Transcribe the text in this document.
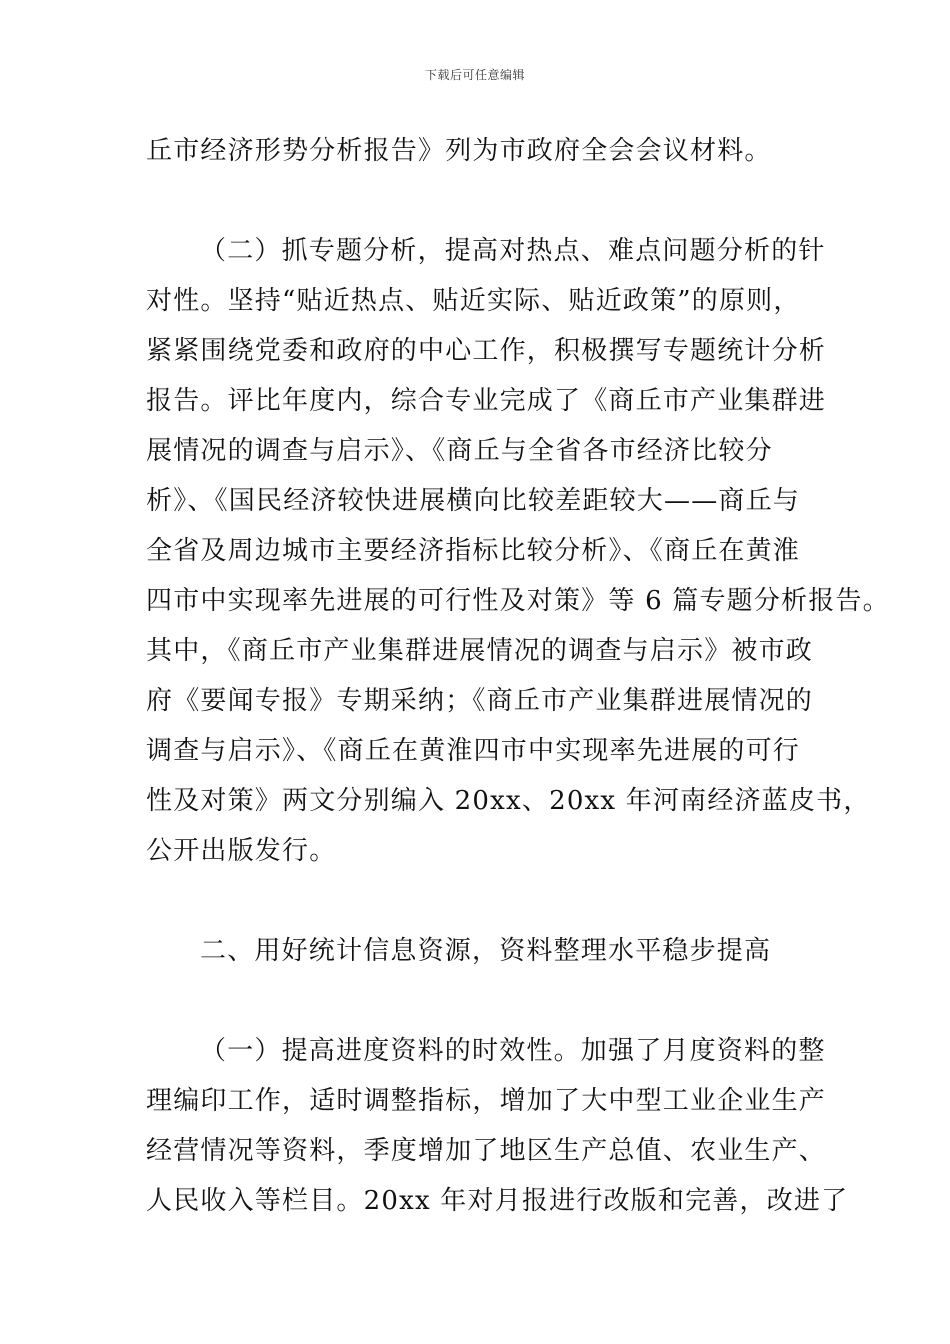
下载后可任意编辑
丘市经济形势分析报告》列为市政府全会会议材料。
（二）抓专题分析，提高对热点、难点问题分析的针
对性。坚持“贴近热点、贴近实际、贴近政策”的原则，
紧紧围绕党委和政府的中心工作，积极撰写专题统计分析
报告。评比年度内，综合专业完成了《商丘市产业集群进
展情况的调查与启示》、《商丘与全省各市经济比较分
析》、《国民经济较快进展横向比较差距较大——商丘与
全省及周边城市主要经济指标比较分析》、《商丘在黄淮
四市中实现率先进展的可行性及对策》等 6 篇专题分析报告。
其中，《商丘市产业集群进展情况的调查与启示》被市政
府《要闻专报》专期采纳；《商丘市产业集群进展情况的
调查与启示》、《商丘在黄淮四市中实现率先进展的可行
性及对策》两文分别编入 20xx、20xx 年河南经济蓝皮书，
公开出版发行。
二、用好统计信息资源，资料整理水平稳步提高
（一）提高进度资料的时效性。加强了月度资料的整
理编印工作，适时调整指标，增加了大中型工业企业生产
经营情况等资料，季度增加了地区生产总值、农业生产、
人民收入等栏目。20xx 年对月报进行改版和完善，改进了
